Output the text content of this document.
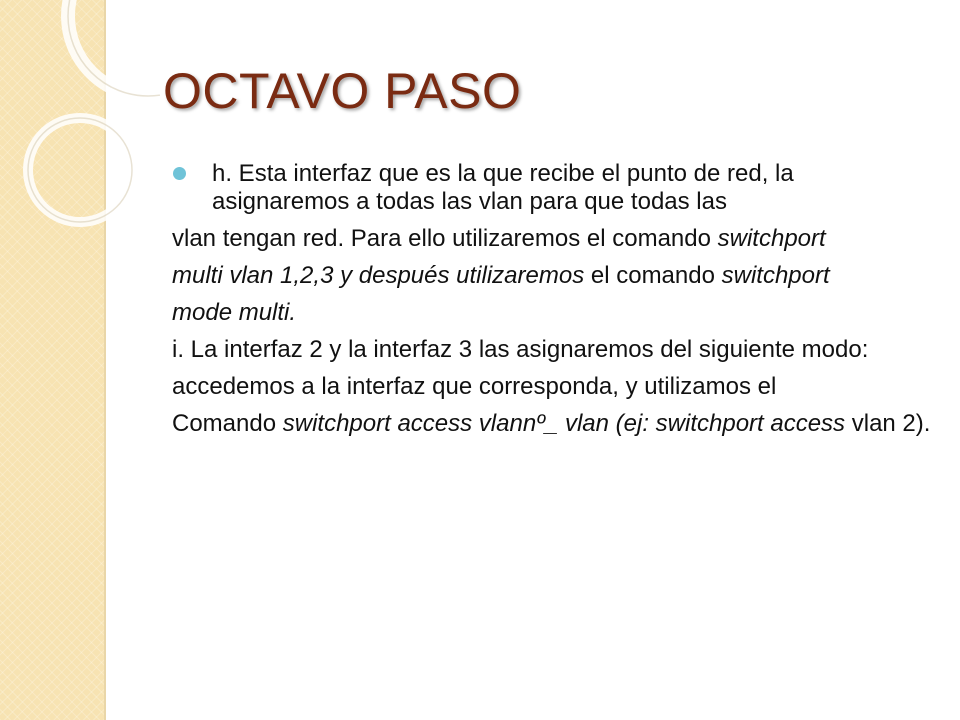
OCTAVO PASO

h. Esta interfaz que es la que recibe el punto de red, la asignaremos a todas las vlan para que todas las

vlan tengan red. Para ello utilizaremos el comando switchport

multi vlan 1,2,3 y después utilizaremos el comando switchport

mode multi.

i. La interfaz 2 y la interfaz 3 las asignaremos del siguiente modo:

accedemos a la interfaz que corresponda, y utilizamos el

Comando switchport access vlannº_ vlan (ej: switchport access vlan 2).
